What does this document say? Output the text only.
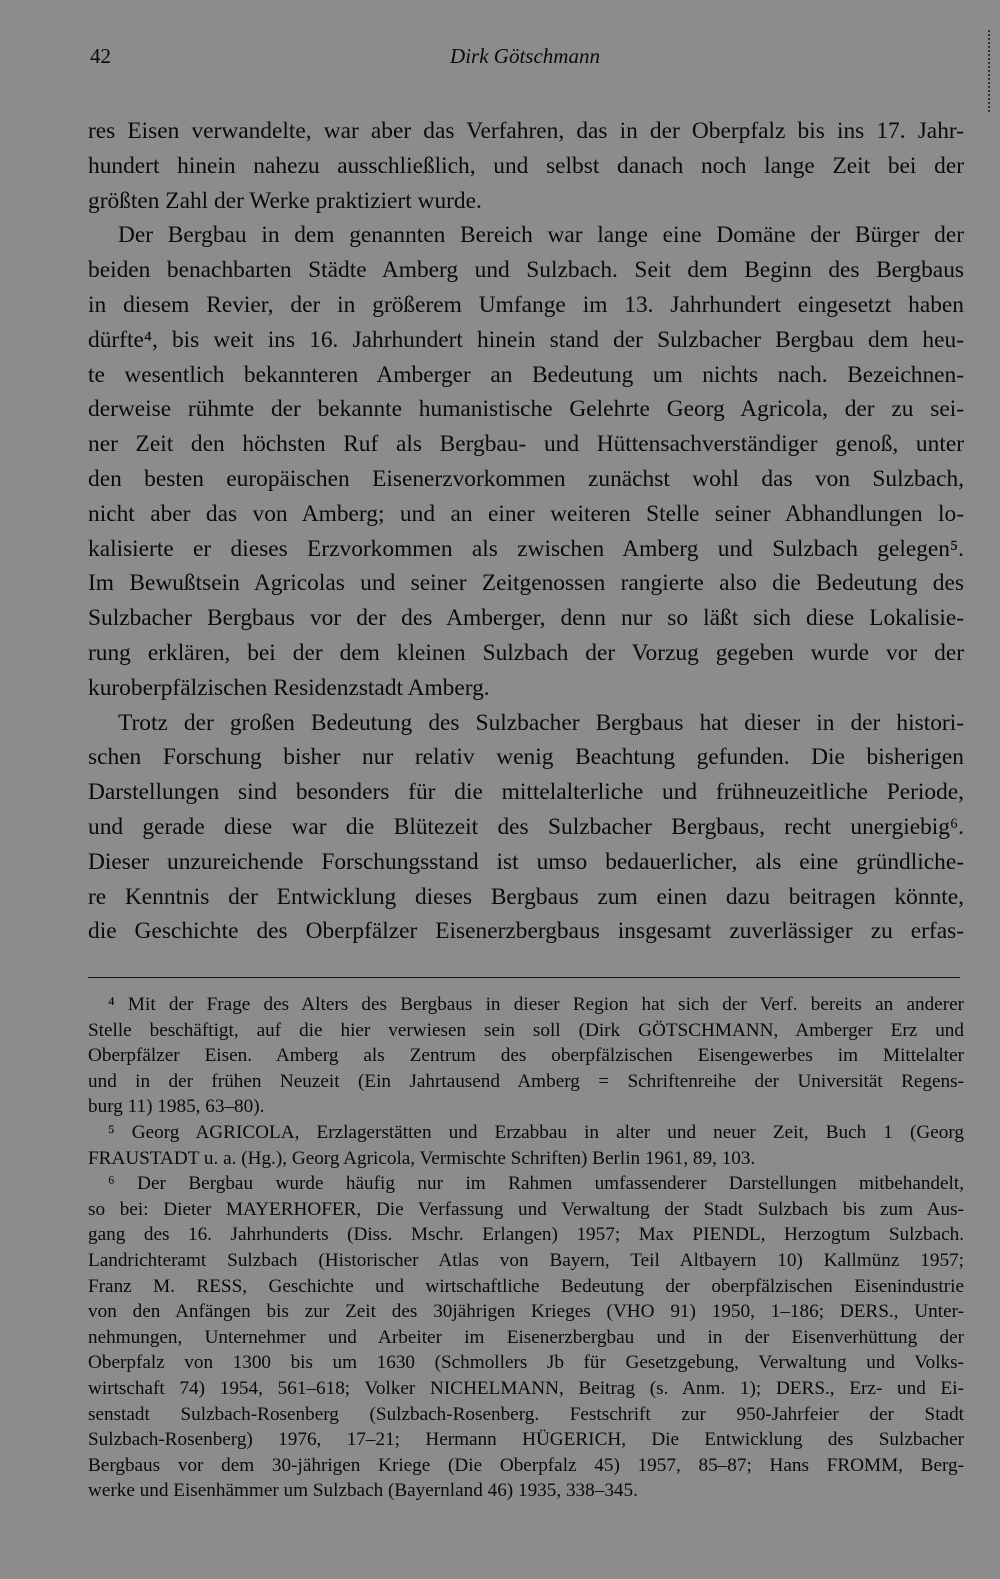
42	Dirk Götschmann
res Eisen verwandelte, war aber das Verfahren, das in der Oberpfalz bis ins 17. Jahr-
hundert hinein nahezu ausschließlich, und selbst danach noch lange Zeit bei der
größten Zahl der Werke praktiziert wurde.
Der Bergbau in dem genannten Bereich war lange eine Domäne der Bürger der
beiden benachbarten Städte Amberg und Sulzbach. Seit dem Beginn des Bergbaus
in diesem Revier, der in größerem Umfange im 13. Jahrhundert eingesetzt haben
dürfte⁴, bis weit ins 16. Jahrhundert hinein stand der Sulzbacher Bergbau dem heu-
te wesentlich bekannteren Amberger an Bedeutung um nichts nach. Bezeichnen-
derweise rühmte der bekannte humanistische Gelehrte Georg Agricola, der zu sei-
ner Zeit den höchsten Ruf als Bergbau- und Hüttensachverständiger genoß, unter
den besten europäischen Eisenerzvorkommen zunächst wohl das von Sulzbach,
nicht aber das von Amberg; und an einer weiteren Stelle seiner Abhandlungen lo-
kalisierte er dieses Erzvorkommen als zwischen Amberg und Sulzbach gelegen⁵.
Im Bewußtsein Agricolas und seiner Zeitgenossen rangierte also die Bedeutung des
Sulzbacher Bergbaus vor der des Amberger, denn nur so läßt sich diese Lokalisie-
rung erklären, bei der dem kleinen Sulzbach der Vorzug gegeben wurde vor der
kuroberpfälzischen Residenzstadt Amberg.
Trotz der großen Bedeutung des Sulzbacher Bergbaus hat dieser in der histori-
schen Forschung bisher nur relativ wenig Beachtung gefunden. Die bisherigen
Darstellungen sind besonders für die mittelalterliche und frühneuzeitliche Periode,
und gerade diese war die Blütezeit des Sulzbacher Bergbaus, recht unergiebig⁶.
Dieser unzureichende Forschungsstand ist umso bedauerlicher, als eine gründliche-
re Kenntnis der Entwicklung dieses Bergbaus zum einen dazu beitragen könnte,
die Geschichte des Oberpfälzer Eisenerzbergbaus insgesamt zuverlässiger zu erfas-
⁴ Mit der Frage des Alters des Bergbaus in dieser Region hat sich der Verf. bereits an anderer
Stelle beschäftigt, auf die hier verwiesen sein soll (Dirk GÖTSCHMANN, Amberger Erz und
Oberpfälzer Eisen. Amberg als Zentrum des oberpfälzischen Eisengewerbes im Mittelalter
und in der frühen Neuzeit (Ein Jahrtausend Amberg = Schriftenreihe der Universität Regens-
burg 11) 1985, 63–80).
⁵ Georg AGRICOLA, Erzlagerstätten und Erzabbau in alter und neuer Zeit, Buch 1 (Georg
FRAUSTADT u. a. (Hg.), Georg Agricola, Vermischte Schriften) Berlin 1961, 89, 103.
⁶ Der Bergbau wurde häufig nur im Rahmen umfassenderer Darstellungen mitbehandelt,
so bei: Dieter MAYERHOFER, Die Verfassung und Verwaltung der Stadt Sulzbach bis zum Aus-
gang des 16. Jahrhunderts (Diss. Mschr. Erlangen) 1957; Max PIENDL, Herzogtum Sulzbach.
Landrichteramt Sulzbach (Historischer Atlas von Bayern, Teil Altbayern 10) Kallmünz 1957;
Franz M. RESS, Geschichte und wirtschaftliche Bedeutung der oberpfälzischen Eisenindustrie
von den Anfängen bis zur Zeit des 30jährigen Krieges (VHO 91) 1950, 1–186; DERS., Unter-
nehmungen, Unternehmer und Arbeiter im Eisenerzbergbau und in der Eisenverhüttung der
Oberpfalz von 1300 bis um 1630 (Schmollers Jb für Gesetzgebung, Verwaltung und Volks-
wirtschaft 74) 1954, 561–618; Volker NICHELMANN, Beitrag (s. Anm. 1); DERS., Erz- und Ei-
senstadt Sulzbach-Rosenberg (Sulzbach-Rosenberg. Festschrift zur 950-Jahrfeier der Stadt
Sulzbach-Rosenberg) 1976, 17–21; Hermann HÜGERICH, Die Entwicklung des Sulzbacher
Bergbaus vor dem 30-jährigen Kriege (Die Oberpfalz 45) 1957, 85–87; Hans FROMM, Berg-
werke und Eisenhämmer um Sulzbach (Bayernland 46) 1935, 338–345.
